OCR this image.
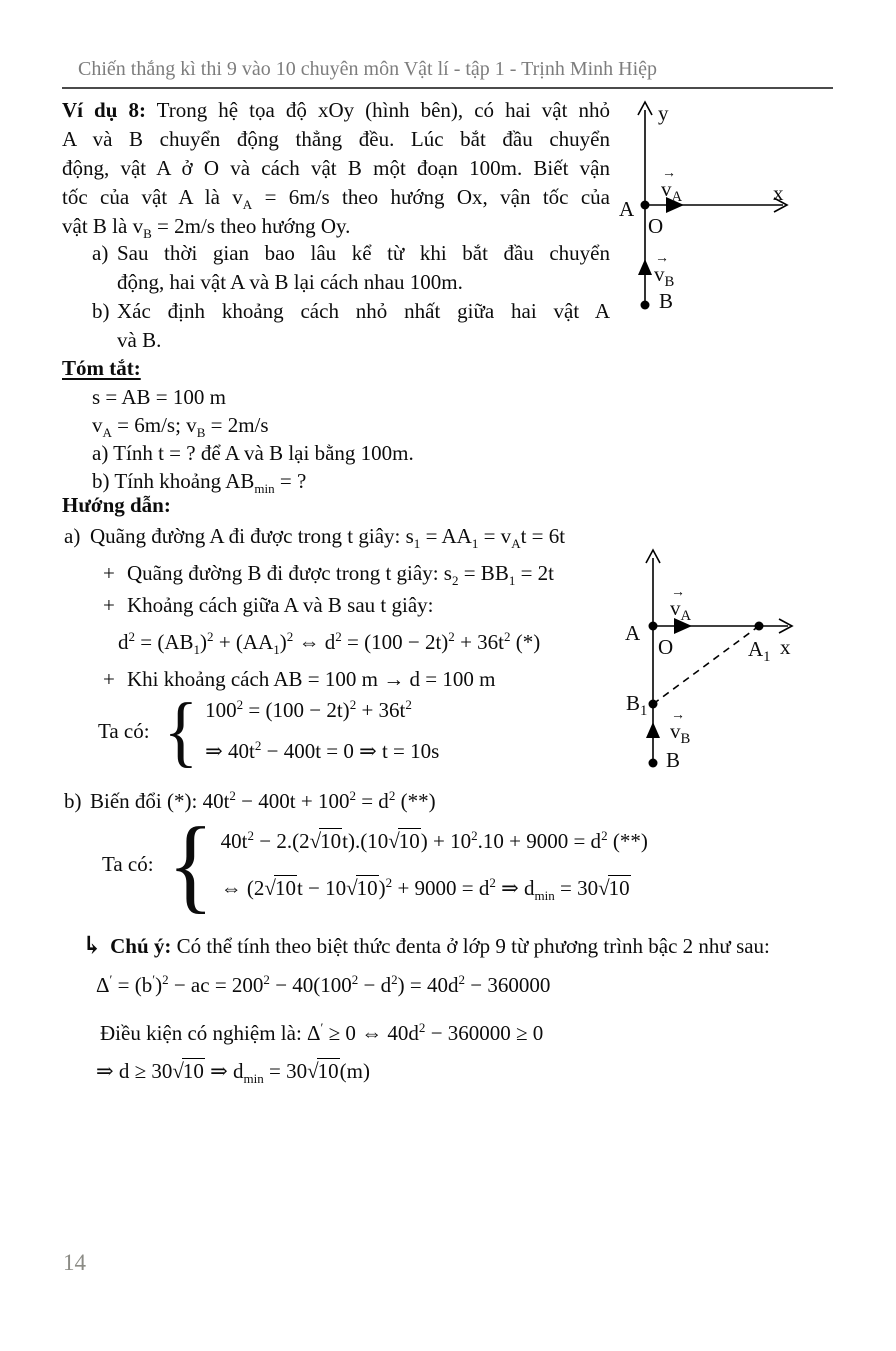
Chiến thắng kì thi 9 vào 10 chuyên môn Vật lí - tập 1 - Trịnh Minh Hiệp
Ví dụ 8: Trong hệ tọa độ xOy (hình bên), có hai vật nhỏ
A và B chuyển động thẳng đều. Lúc bắt đầu chuyển
động, vật A ở O và cách vật B một đoạn 100m. Biết vận
tốc của vật A là $v_A = 6m/s$ theo hướng Ox, vận tốc của
vật B là $v_B = 2m/s$ theo hướng Oy.
a) Sau thời gian bao lâu kể từ khi bắt đầu chuyển
động, hai vật A và B lại cách nhau 100m.
b) Xác định khoảng cách nhỏ nhất giữa hai vật A
và B.
Tóm tắt:
s = AB = 100 m
$v_A = 6m/s$; $v_B = 2m/s$
a) Tính t = ? để A và B lại bằng 100m.
b) Tính khoảng $AB_{min}$ = ?
Hướng dẫn:
a) Quãng đường A đi được trong t giây: $s_1 = AA_1 = v_At = 6t$
+ Quãng đường B đi được trong t giây: $s_2 = BB_1 = 2t$
+ Khoảng cách giữa A và B sau t giây:
$d^2 = (AB_1)^2 + (AA_1)^2$ ⇔ $d^2 = (100 - 2t)^2 + 36t^2$ (*)
+ Khi khoảng cách AB = 100 m → d = 100 m
Ta có: { $100^2 = (100 - 2t)^2 + 36t^2$
⇒ $40t^2 - 400t = 0$ ⇒ t = 10s
b) Biến đổi (*): $40t^2 - 400t + 100^2 = d^2$ (**)
Ta có: { $40t^2 - 2.(2√10t).(10√10) + 10^2.10 + 9000 = d^2$ (**)
⇔ $(2√10t - 10√10)^2 + 9000 = d^2$ ⇒ $d_{min} = 30√10$
↳ Chú ý: Có thể tính theo biệt thức đenta ở lớp 9 từ phương trình bậc 2 như sau:
$\Delta' = (b')^2$ − ac = $200^2 - 40(100^2 - d^2) = 40d^2 - 360000$
Điều kiện có nghiệm là: Δ′ ≥ 0 ⇔ $40d^2 - 360000 \ge 0$
⇒ d ≥ 30√10 ⇒ $d_{min} = 30√10(m)$
y
x
A
O
→
$v_A$
→
$v_B$
B
A
O
→
$v_A$
$A_1$ x
$B_1$ →
$v_B$
B
14
